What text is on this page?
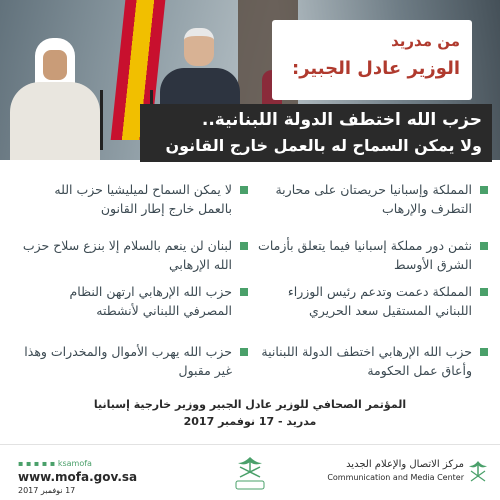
من مدريد
الوزير عادل الجبير:
حزب الله اختطف الدولة اللبنانية..
ولا يمكن السماح له بالعمل خارج القانون
المملكة وإسبانيا حريصتان على محاربة التطرف والإرهاب
لا يمكن السماح لميليشيا حزب الله بالعمل خارج إطار القانون
نثمن دور مملكة إسبانيا فيما يتعلق بأزمات الشرق الأوسط
لبنان لن ينعم بالسلام إلا بنزع سلاح حزب الله الإرهابي
المملكة دعمت وتدعم رئيس الوزراء اللبناني المستقيل سعد الحريري
حزب الله الإرهابي ارتهن النظام المصرفي اللبناني لأنشطته
حزب الله الإرهابي اختطف الدولة اللبنانية وأعاق عمل الحكومة
حزب الله يهرب الأموال والمخدرات وهذا غير مقبول
المؤتمر الصحافي للوزير عادل الجبير ووزير خارجية إسبانيا
مدريد - 17 نوفمبر 2017
▪ ▪ ▪ ▪ ▪ ksamofa
www.mofa.gov.sa
17 نوفمبر 2017
مركز الاتصال والإعلام الجديد
Communication and Media Center
